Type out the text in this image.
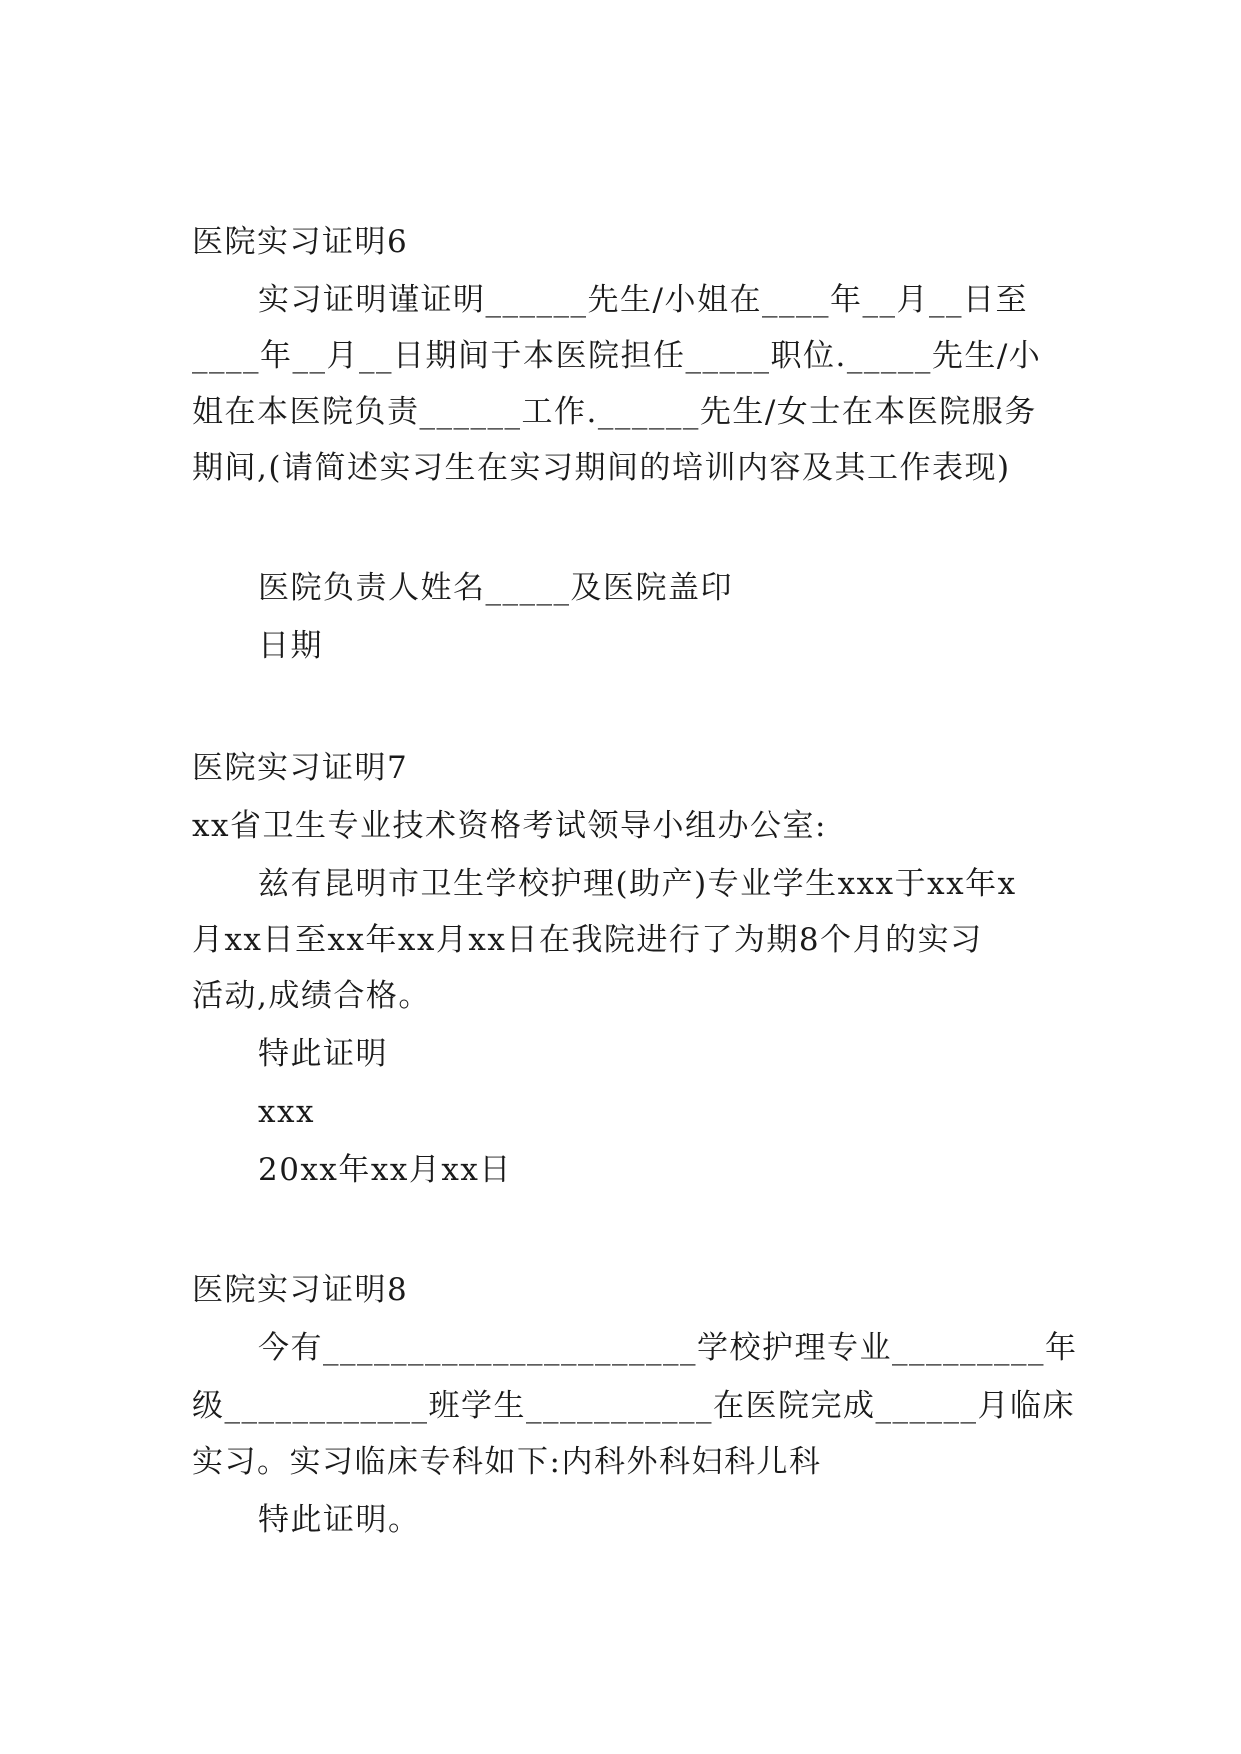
医院实习证明6
实习证明谨证明______先生/小姐在____年__月__日至
____年__月__日期间于本医院担任_____职位._____先生/小
姐在本医院负责______工作.______先生/女士在本医院服务
期间,(请简述实习生在实习期间的培训内容及其工作表现)
医院负责人姓名_____及医院盖印
日期
医院实习证明7
xx省卫生专业技术资格考试领导小组办公室:
兹有昆明市卫生学校护理(助产)专业学生xxx于xx年x
月xx日至xx年xx月xx日在我院进行了为期8个月的实习
活动,成绩合格。
特此证明
xxx
20xx年xx月xx日
医院实习证明8
今有______________________学校护理专业_________年
级____________班学生___________在医院完成______月临床
实习。实习临床专科如下:内科外科妇科儿科
特此证明。
